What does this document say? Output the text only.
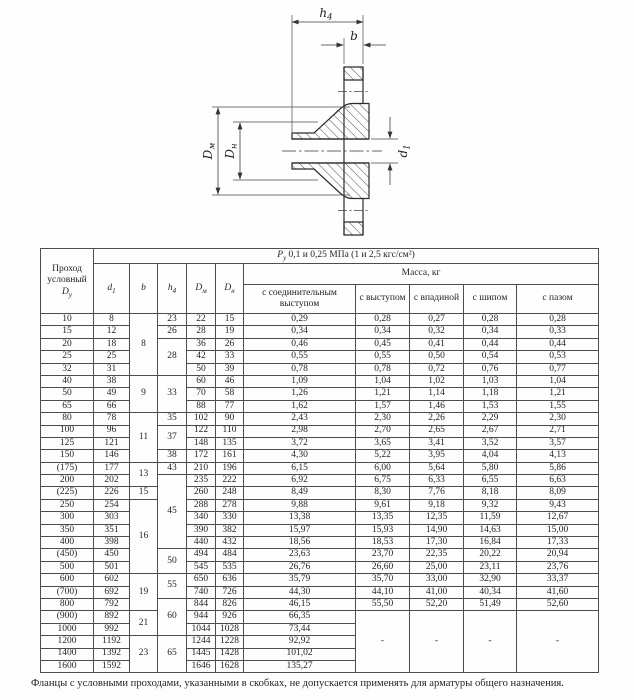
$h_4$
b
$D_м$
$D_н$
$d_1$
Проход условный $D_у$	$P_у$ 0,1 и 0,25 МПа (1 и 2,5 кгс/см²)									
	$d_1$	b	$h_4$	$D_м$	$D_н$	Масса, кг				
						с соединительным выступом	с выступом	с впадиной	с шипом	с пазом
10	8	8	23	22	15	0,29	0,28	0,27	0,28	0,28
15	12		26	28	19	0,34	0,34	0,32	0,34	0,33
20	18		28	36	26	0,46	0,45	0,41	0,44	0,44
25	25			42	33	0,55	0,55	0,50	0,54	0,53
32	31			50	39	0,78	0,78	0,72	0,76	0,77
40	38	9	33	60	46	1,09	1,04	1,02	1,03	1,04
50	49			70	58	1,26	1,21	1,14	1,18	1,21
65	66			88	77	1,62	1,57	1,46	1,53	1,55
80	78	11	35	102	90	2,43	2,30	2,26	2,29	2,30
100	96		37	122	110	2,98	2,70	2,65	2,67	2,71
125	121			148	135	3,72	3,65	3,41	3,52	3,57
150	146		38	172	161	4,30	5,22	3,95	4,04	4,13
(175)	177	13	43	210	196	6,15	6,00	5,64	5,80	5,86
200	202		45	235	222	6,92	6,75	6,33	6,55	6,63
(225)	226	15		260	248	8,49	8,30	7,76	8,18	8,09
250	254	16		288	278	9,88	9,61	9,18	9,32	9,43
300	303			340	330	13,38	13,35	12,35	11,59	12,67
350	351			390	382	15,97	15,93	14,90	14,63	15,00
400	398			440	432	18,56	18,53	17,30	16,84	17,33
(450)	450		50	494	484	23,63	23,70	22,35	20,22	20,94
500	501			545	535	26,76	26,60	25,00	23,11	23,76
600	602	19	55	650	636	35,79	35,70	33,00	32,90	33,37
(700)	692			740	726	44,30	44,10	41,00	40,34	41,60
800	792		60	844	826	46,15	55,50	52,20	51,49	52,60
(900)	892	21		944	926	66,35	-	-	-	-
1000	992			1044	1028	73,44				
1200	1192	23	65	1244	1228	92,92				
1400	1392			1445	1428	101,02				
1600	1592			1646	1628	135,27				
Фланцы с условными проходами, указанными в скобках, не допускается применять для арматуры общего назначения.
